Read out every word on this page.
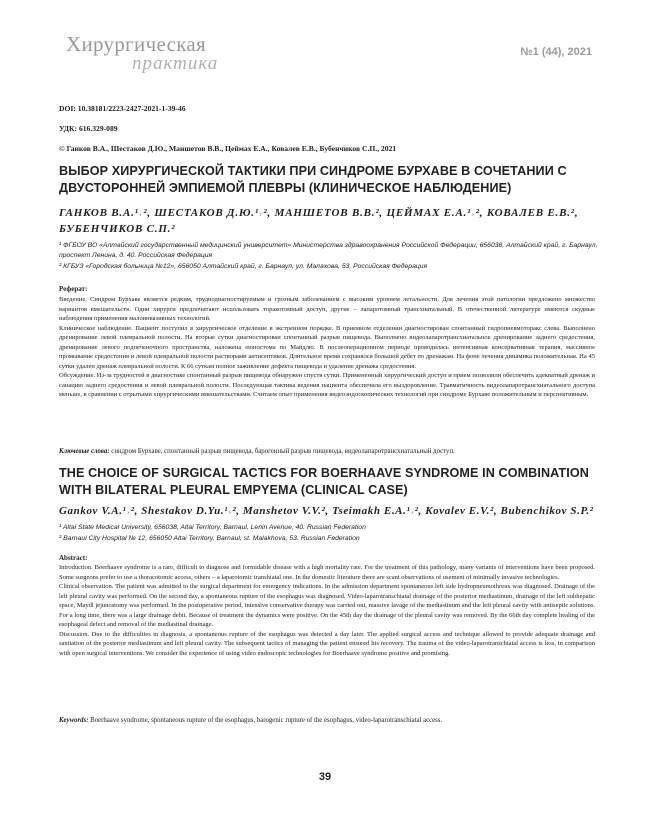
Хирургическая
практика
№1 (44), 2021
DOI: 10.38181/2223-2427-2021-1-39-46
УДК: 616.329-089
© Ганков В.А., Шестаков Д.Ю., Маншетов В.В., Цеймах Е.А., Ковалев Е.В., Бубенчиков С.П., 2021
ВЫБОР ХИРУРГИЧЕСКОЙ ТАКТИКИ ПРИ СИНДРОМЕ БУРХАВЕ В СОЧЕТАНИИ С ДВУСТОРОННЕЙ ЭМПИЕМОЙ ПЛЕВРЫ (КЛИНИЧЕСКОЕ НАБЛЮДЕНИЕ)
ГАНКОВ В.А.¹˒², ШЕСТАКОВ Д.Ю.¹˒², МАНШЕТОВ В.В.², ЦЕЙМАХ Е.А.¹˒², КОВАЛЕВ Е.В.²,
БУБЕНЧИКОВ С.П.²
¹ ФГБОУ ВО «Алтайский государственный медицинский университет» Министерства здравоохранения Российской Федерации, 656038, Алтайский край, г. Барнаул, проспект Ленина, д. 40. Российская Федерация
² КГБУЗ «Городская больница №12», 656050 Алтайский край, г. Барнаул, ул. Малахова, 53, Российская Федерация
Реферат:

Введение. Синдром Бурхаве является редким, труднодиагностируемым и грозным заболеванием с высоким уровнем летальности. Для лечения этой патологии предложено множество вариантов вмешательств. Одни хирурги предпочитают использовать торакотомный доступ, другие – лапаротомный трансхиатальный. В отечественной литературе имеются скудные наблюдения применения малоинвазивных технологий.

Клиническое наблюдение. Пациент поступил в хирургическое отделение в экстренном порядке. В приемном отделении диагностирован спонтанный гидропневмоторакс слева. Выполнено дренирование левой плевральной полости. На вторые сутки диагностирован спонтанный разрыв пищевода. Выполнено видеолапаротрансхиатальное дренирование заднего средостения, дренирование левого подпеченочного пространства, наложена еюностома по Майдлю. В послеоперационном периоде проводилась интенсивная консервативная терапия, массивное промывание средостения и левой плевральной полости растворами антисептиков. Длительное время сохранялся большой дебет по дренажам. На фоне лечения динамика положительная. На 45 сутки удален дренаж плевральной полости. К 66 суткам полное заживление дефекта пищевода и удаление дренажа средостения.

Обсуждение. Из-за трудностей в диагностике спонтанный разрыв пищевода обнаружен спустя сутки. Примененный хирургический доступ и прием позволили обеспечить адекватный дренаж и санацию заднего средостения и левой плевральной полости. Последующая тактика ведения пациента обеспечила его выздоровление. Травматичность видеолапаротрансхиатального доступа меньше, в сравнении с отрытыми хирургическими вмешательствами. Считаем опыт применения видеоэндоскопических технологий при синдроме Бурхаве положительным и перспективным.

Ключевые слова: синдром Бурхаве, спонтанный разрыв пищевода, барогенный разрыв пищевода, видеолапаротрансхиатальный доступ.
THE CHOICE OF SURGICAL TACTICS FOR BOERHAAVE SYNDROME IN COMBINATION WITH BILATERAL PLEURAL EMPYEMA (CLINICAL CASE)
Gankov V.A.¹˒², Shestakov D.Yu.¹˒², Manshetov V.V.², Tseimakh E.A.¹˒², Kovalev E.V.², Bubenchikov S.P.²
¹ Altai State Medical University, 656038, Altai Territory, Barnaul, Lenin Avenue, 40. Russian Federation
² Barnaul City Hospital № 12, 656050 Altai Territory, Barnaul, st. Malakhova, 53. Russian Federation
Abstract:

Introduction. Boerhaave syndrome is a rare, difficult to diagnose and formidable disease with a high mortality rate. For the treatment of this pathology, many variants of interventions have been proposed. Some surgeons prefer to use a thoracotomic access, others – a laparotomic transhiatal one. In the domestic literature there are scant observations of usement of minimally invasive technologies.

Clinical observation. The patient was admitted to the surgical department for emergency indications. In the admission department spontaneous left side hydropneumothorax was diagnosed. Drainage of the left pleural cavity was performed. On the second day, a spontaneous rupture of the esophagus was diagnosed. Video-laparotranschiatal drainage of the posterior mediastinum, drainage of the left subhepatic space, Maydl jejunostomy was performed. In the postoperative period, intensive conservative therapy was carried out, massive lavage of the mediastinum and the left pleural cavity with antiseptic solutions. For a long time, there was a large drainage debit. Because of treatment the dynamics were positive. On the 45th day the drainage of the pleural cavity was removed. By the 66th day complete healing of the esophageal defect and removal of the mediastinal drainage.

Discussion. Due to the difficulties in diagnosis, a spontaneous rupture of the esophagus was detected a day later. The applied surgical access and technique allowed to provide adequate drainage and sanitation of the posterior mediastinum and left pleural cavity. The subsequent tactics of managing the patient ensured his recovery. The trauma of the video-laparotranschiatal access is less, in comparison with open surgical interventions. We consider the experience of using video endoscopic technologies for Boerhaave syndrome positive and promising.

Keywords: Boerhaave syndrome, spontaneous rupture of the esophagus, barogenic rupture of the esophagus, video-laparotranschiatal access.
39
